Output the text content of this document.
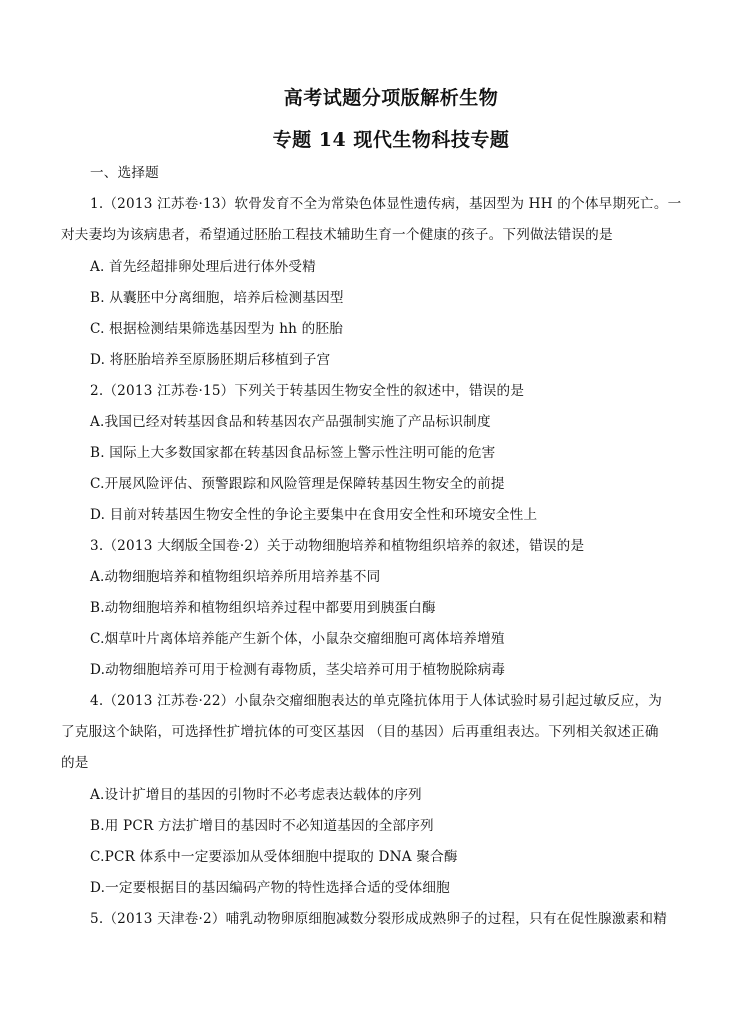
高考试题分项版解析生物
专题 14 现代生物科技专题
一、选择题
1.（2013 江苏卷·13）软骨发育不全为常染色体显性遗传病，基因型为 HH 的个体早期死亡。一
对夫妻均为该病患者，希望通过胚胎工程技术辅助生育一个健康的孩子。下列做法错误的是
A. 首先经超排卵处理后进行体外受精
B. 从囊胚中分离细胞，培养后检测基因型
C. 根据检测结果筛选基因型为 hh 的胚胎
D. 将胚胎培养至原肠胚期后移植到子宫
2.（2013 江苏卷·15）下列关于转基因生物安全性的叙述中，错误的是
A.我国已经对转基因食品和转基因农产品强制实施了产品标识制度
B. 国际上大多数国家都在转基因食品标签上警示性注明可能的危害
C.开展风险评估、预警跟踪和风险管理是保障转基因生物安全的前提
D. 目前对转基因生物安全性的争论主要集中在食用安全性和环境安全性上
3.（2013 大纲版全国卷·2）关于动物细胞培养和植物组织培养的叙述，错误的是
A.动物细胞培养和植物组织培养所用培养基不同
B.动物细胞培养和植物组织培养过程中都要用到胰蛋白酶
C.烟草叶片离体培养能产生新个体，小鼠杂交瘤细胞可离体培养增殖
D.动物细胞培养可用于检测有毒物质，茎尖培养可用于植物脱除病毒
4.（2013 江苏卷·22）小鼠杂交瘤细胞表达的单克隆抗体用于人体试验时易引起过敏反应，为
了克服这个缺陷，可选择性扩增抗体的可变区基因 （目的基因）后再重组表达。下列相关叙述正确
的是
A.设计扩增目的基因的引物时不必考虑表达载体的序列
B.用 PCR 方法扩增目的基因时不必知道基因的全部序列
C.PCR 体系中一定要添加从受体细胞中提取的 DNA 聚合酶
D.一定要根据目的基因编码产物的特性选择合适的受体细胞
5.（2013 天津卷·2）哺乳动物卵原细胞减数分裂形成成熟卵子的过程，只有在促性腺激素和精
